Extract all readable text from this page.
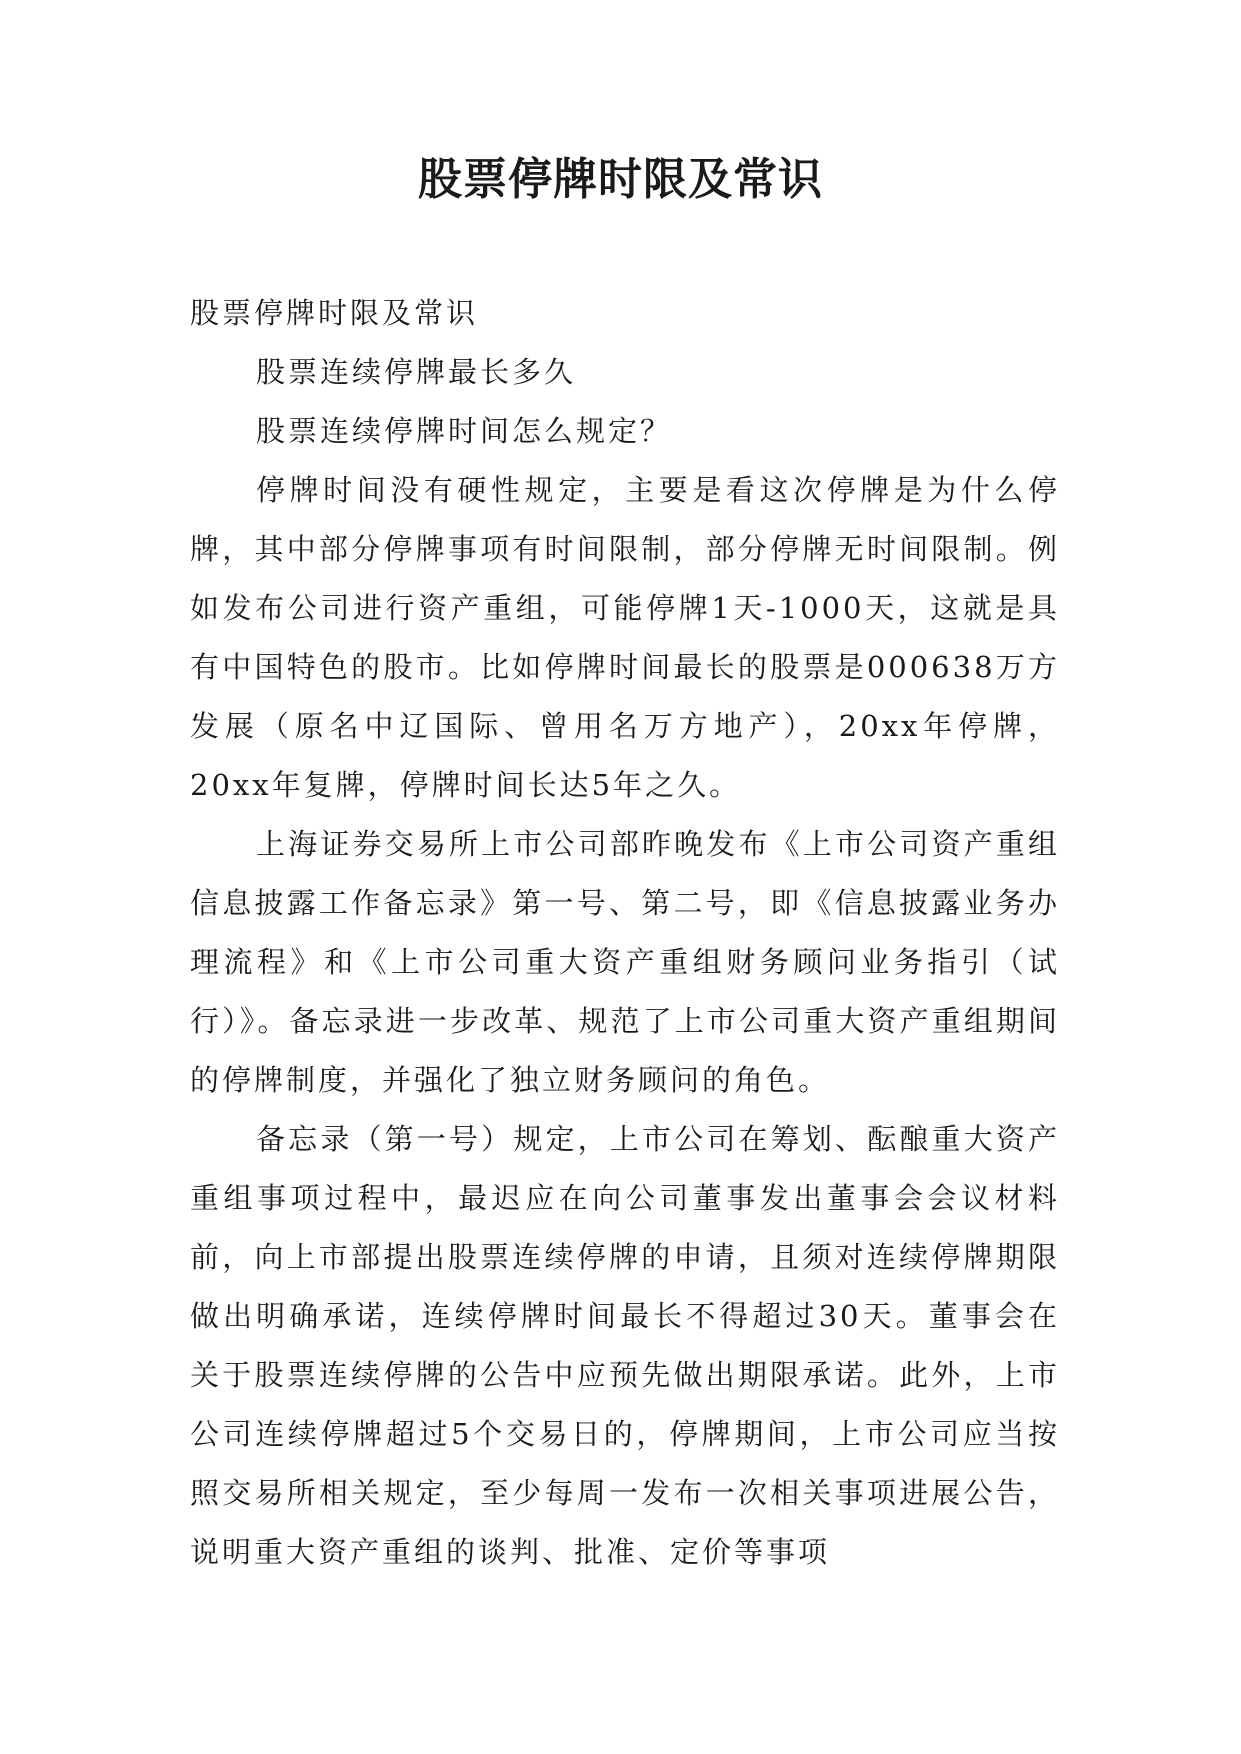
股票停牌时限及常识

股票停牌时限及常识

股票连续停牌最长多久

股票连续停牌时间怎么规定？

停牌时间没有硬性规定，主要是看这次停牌是为什么停牌，其中部分停牌事项有时间限制，部分停牌无时间限制。例如发布公司进行资产重组，可能停牌1天-1000天，这就是具有中国特色的股市。比如停牌时间最长的股票是000638万方发展（原名中辽国际、曾用名万方地产），20xx年停牌，20xx年复牌，停牌时间长达5年之久。

上海证券交易所上市公司部昨晚发布《上市公司资产重组信息披露工作备忘录》第一号、第二号，即《信息披露业务办理流程》和《上市公司重大资产重组财务顾问业务指引（试行）》。备忘录进一步改革、规范了上市公司重大资产重组期间的停牌制度，并强化了独立财务顾问的角色。

备忘录（第一号）规定，上市公司在筹划、酝酿重大资产重组事项过程中，最迟应在向公司董事发出董事会会议材料前，向上市部提出股票连续停牌的申请，且须对连续停牌期限做出明确承诺，连续停牌时间最长不得超过30天。董事会在关于股票连续停牌的公告中应预先做出期限承诺。此外，上市公司连续停牌超过5个交易日的，停牌期间，上市公司应当按照交易所相关规定，至少每周一发布一次相关事项进展公告，说明重大资产重组的谈判、批准、定价等事项
